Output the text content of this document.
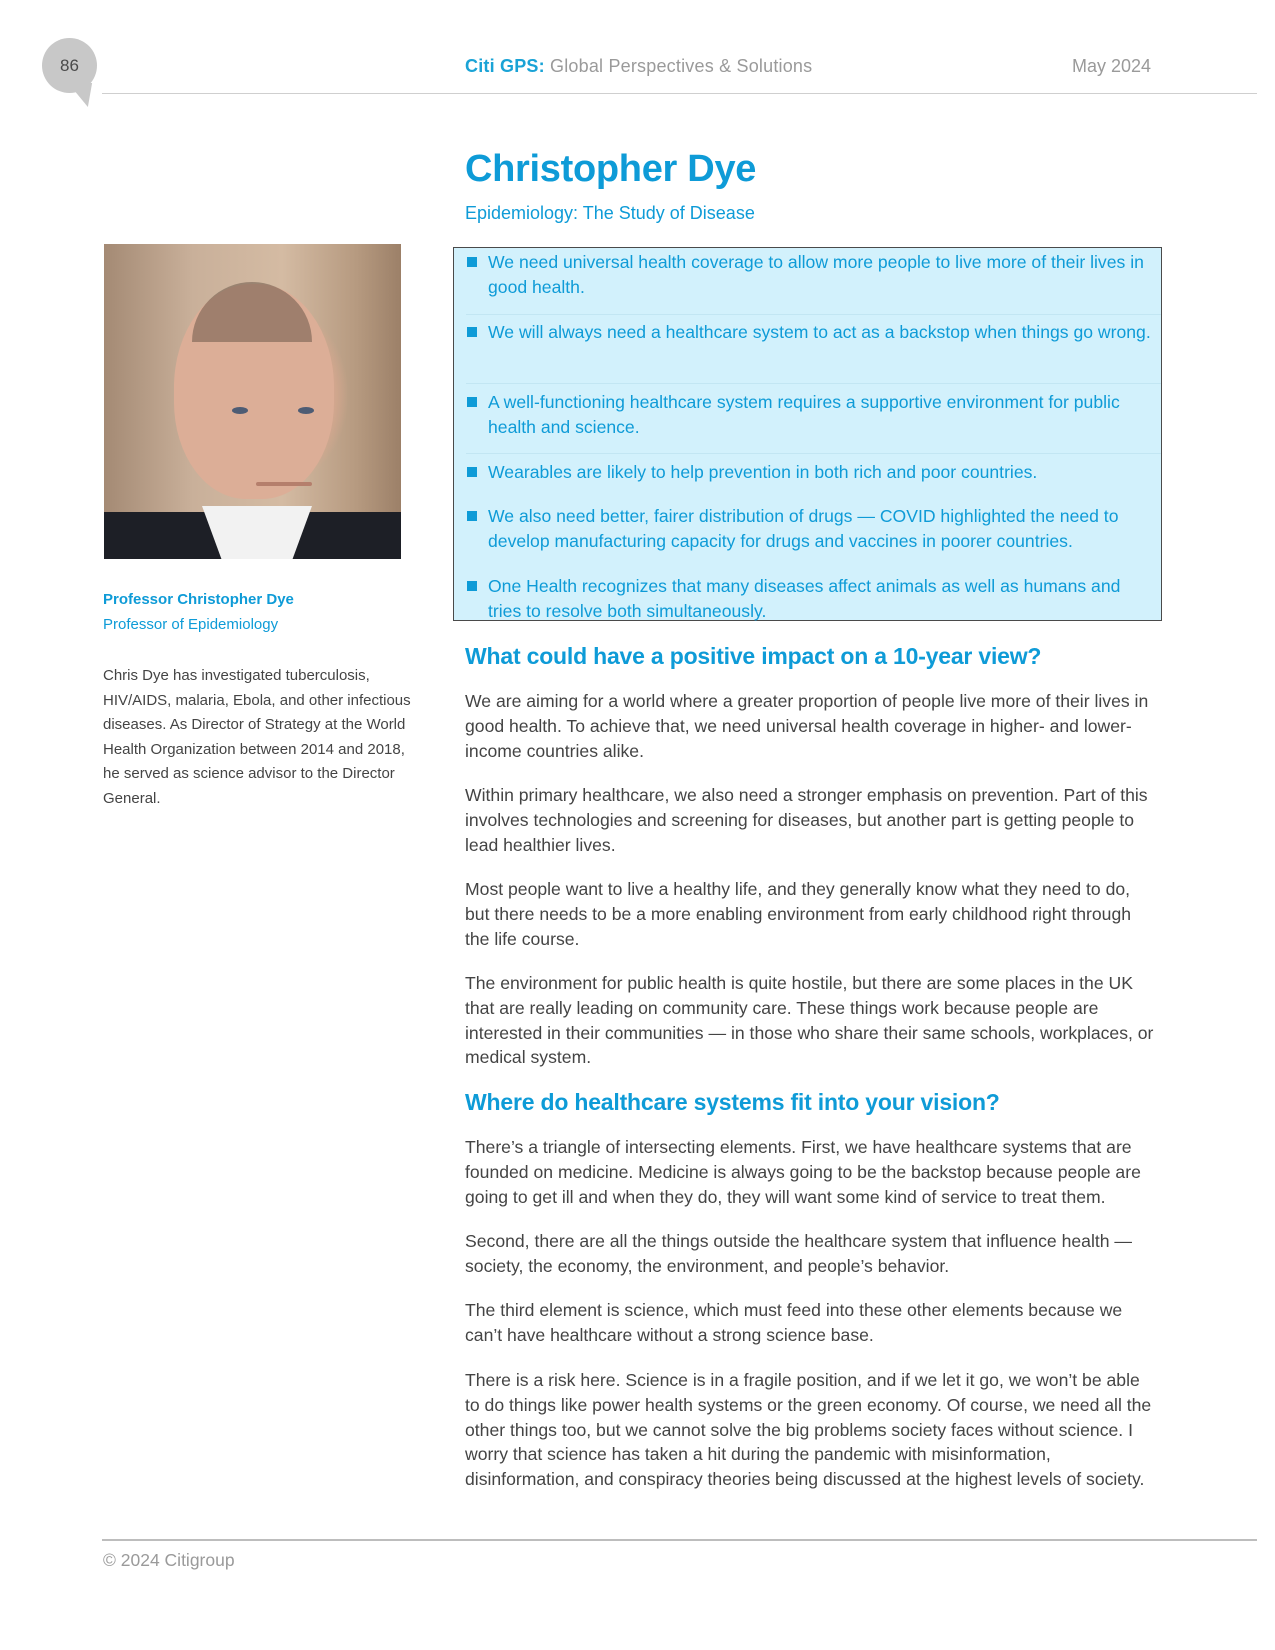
86	Citi GPS: Global Perspectives & Solutions	May 2024
Christopher Dye
Epidemiology: The Study of Disease
Professor Christopher Dye
Professor of Epidemiology
Chris Dye has investigated tuberculosis, HIV/AIDS, malaria, Ebola, and other infectious diseases. As Director of Strategy at the World Health Organization between 2014 and 2018, he served as science advisor to the Director General.
We need universal health coverage to allow more people to live more of their lives in good health.
We will always need a healthcare system to act as a backstop when things go wrong.
A well-functioning healthcare system requires a supportive environment for public health and science.
Wearables are likely to help prevention in both rich and poor countries.
We also need better, fairer distribution of drugs — COVID highlighted the need to develop manufacturing capacity for drugs and vaccines in poorer countries.
One Health recognizes that many diseases affect animals as well as humans and tries to resolve both simultaneously.
What could have a positive impact on a 10-year view?
We are aiming for a world where a greater proportion of people live more of their lives in good health. To achieve that, we need universal health coverage in higher- and lower-income countries alike.
Within primary healthcare, we also need a stronger emphasis on prevention. Part of this involves technologies and screening for diseases, but another part is getting people to lead healthier lives.
Most people want to live a healthy life, and they generally know what they need to do, but there needs to be a more enabling environment from early childhood right through the life course.
The environment for public health is quite hostile, but there are some places in the UK that are really leading on community care. These things work because people are interested in their communities — in those who share their same schools, workplaces, or medical system.
Where do healthcare systems fit into your vision?
There’s a triangle of intersecting elements. First, we have healthcare systems that are founded on medicine. Medicine is always going to be the backstop because people are going to get ill and when they do, they will want some kind of service to treat them.
Second, there are all the things outside the healthcare system that influence health — society, the economy, the environment, and people’s behavior.
The third element is science, which must feed into these other elements because we can’t have healthcare without a strong science base.
There is a risk here. Science is in a fragile position, and if we let it go, we won’t be able to do things like power health systems or the green economy. Of course, we need all the other things too, but we cannot solve the big problems society faces without science. I worry that science has taken a hit during the pandemic with misinformation, disinformation, and conspiracy theories being discussed at the highest levels of society.
© 2024 Citigroup
